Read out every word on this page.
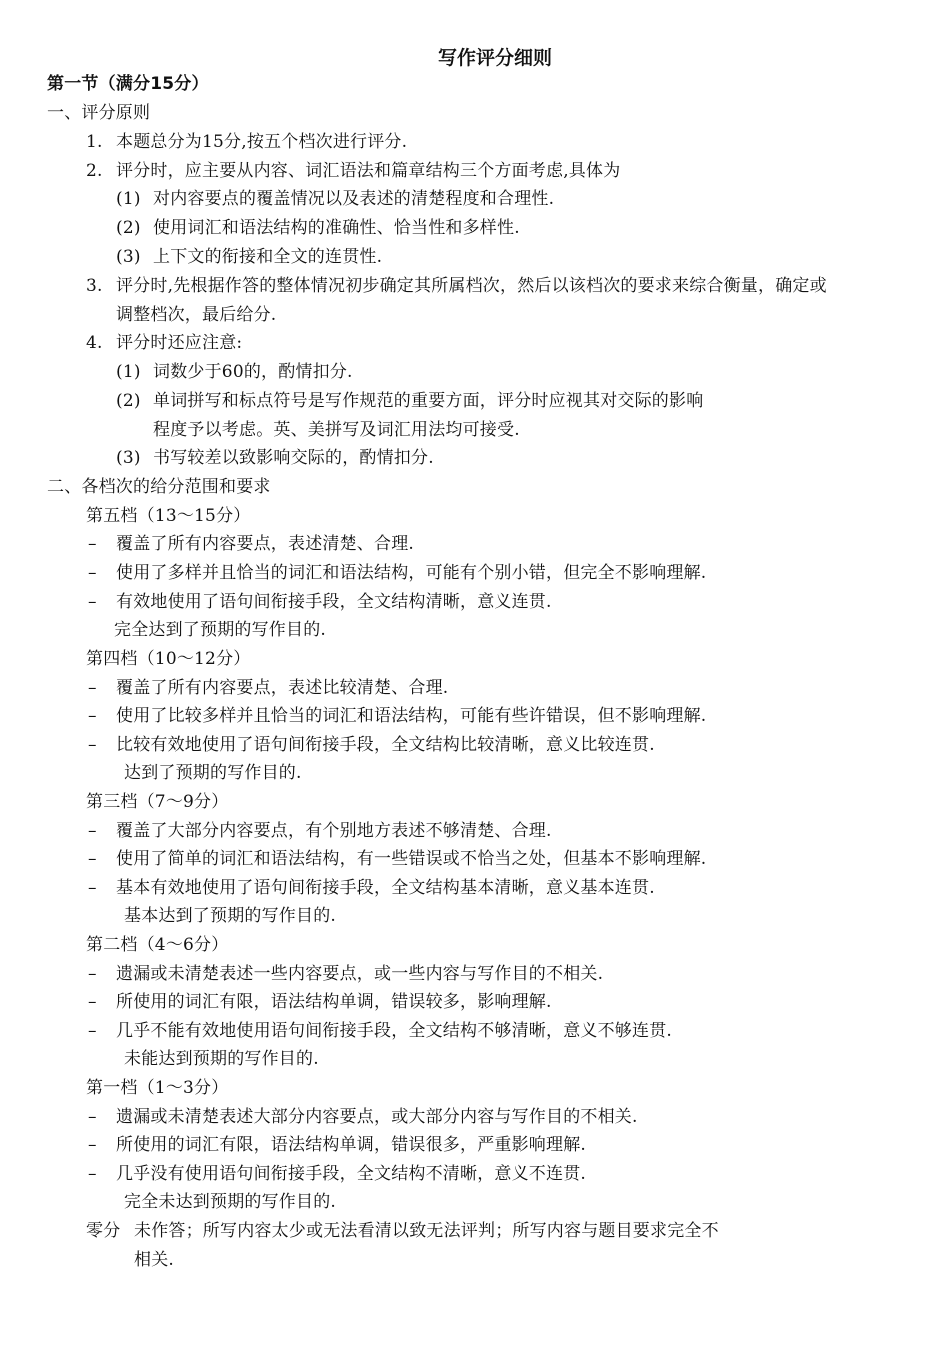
写作评分细则
第一节（满分15分）
一、评分原则
1. 本题总分为15分,按五个档次进行评分.
2. 评分时，应主要从内容、词汇语法和篇章结构三个方面考虑,具体为
(1) 对内容要点的覆盖情况以及表述的清楚程度和合理性.
(2) 使用词汇和语法结构的准确性、恰当性和多样性.
(3) 上下文的衔接和全文的连贯性.
3. 评分时,先根据作答的整体情况初步确定其所属档次，然后以该档次的要求来综合衡量，确定或
调整档次，最后给分.
4. 评分时还应注意:
(1) 词数少于60的，酌情扣分.
(2) 单词拼写和标点符号是写作规范的重要方面，评分时应视其对交际的影响
程度予以考虑。英、美拼写及词汇用法均可接受.
(3) 书写较差以致影响交际的，酌情扣分.
二、各档次的给分范围和要求
第五档（13～15分）
– 覆盖了所有内容要点，表述清楚、合理.
– 使用了多样并且恰当的词汇和语法结构，可能有个别小错，但完全不影响理解.
– 有效地使用了语句间衔接手段，全文结构清晰，意义连贯.
完全达到了预期的写作目的.
第四档（10～12分）
– 覆盖了所有内容要点，表述比较清楚、合理.
– 使用了比较多样并且恰当的词汇和语法结构，可能有些许错误，但不影响理解.
– 比较有效地使用了语句间衔接手段，全文结构比较清晰，意义比较连贯.
达到了预期的写作目的.
第三档（7～9分）
– 覆盖了大部分内容要点，有个别地方表述不够清楚、合理.
– 使用了简单的词汇和语法结构，有一些错误或不恰当之处，但基本不影响理解.
– 基本有效地使用了语句间衔接手段，全文结构基本清晰，意义基本连贯.
基本达到了预期的写作目的.
第二档（4～6分）
– 遗漏或未清楚表述一些内容要点，或一些内容与写作目的不相关.
– 所使用的词汇有限，语法结构单调，错误较多，影响理解.
– 几乎不能有效地使用语句间衔接手段，全文结构不够清晰，意义不够连贯.
未能达到预期的写作目的.
第一档（1～3分）
– 遗漏或未清楚表述大部分内容要点，或大部分内容与写作目的不相关.
– 所使用的词汇有限，语法结构单调，错误很多，严重影响理解.
– 几乎没有使用语句间衔接手段，全文结构不清晰，意义不连贯.
完全未达到预期的写作目的.
零分 未作答；所写内容太少或无法看清以致无法评判；所写内容与题目要求完全不
相关.
